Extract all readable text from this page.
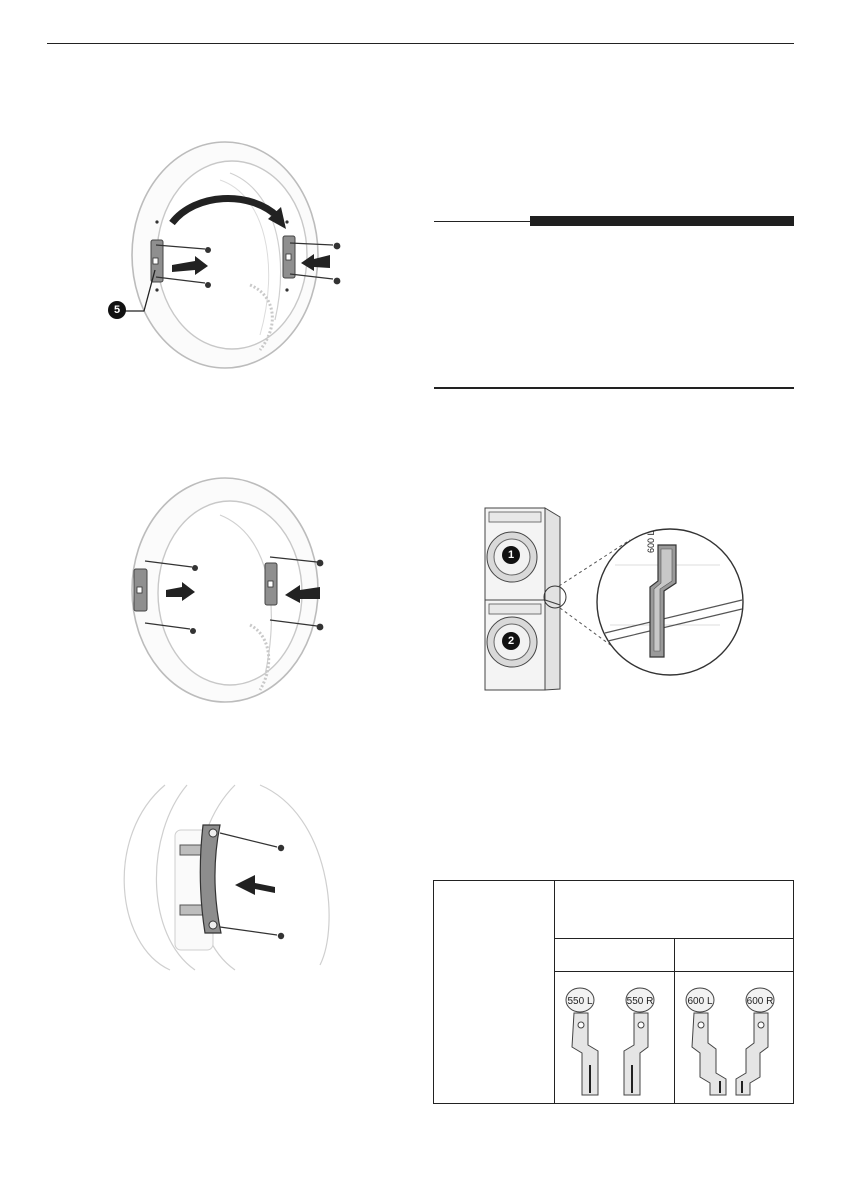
5
1
2
600 L
550 L	550 R	600 L	600 R
